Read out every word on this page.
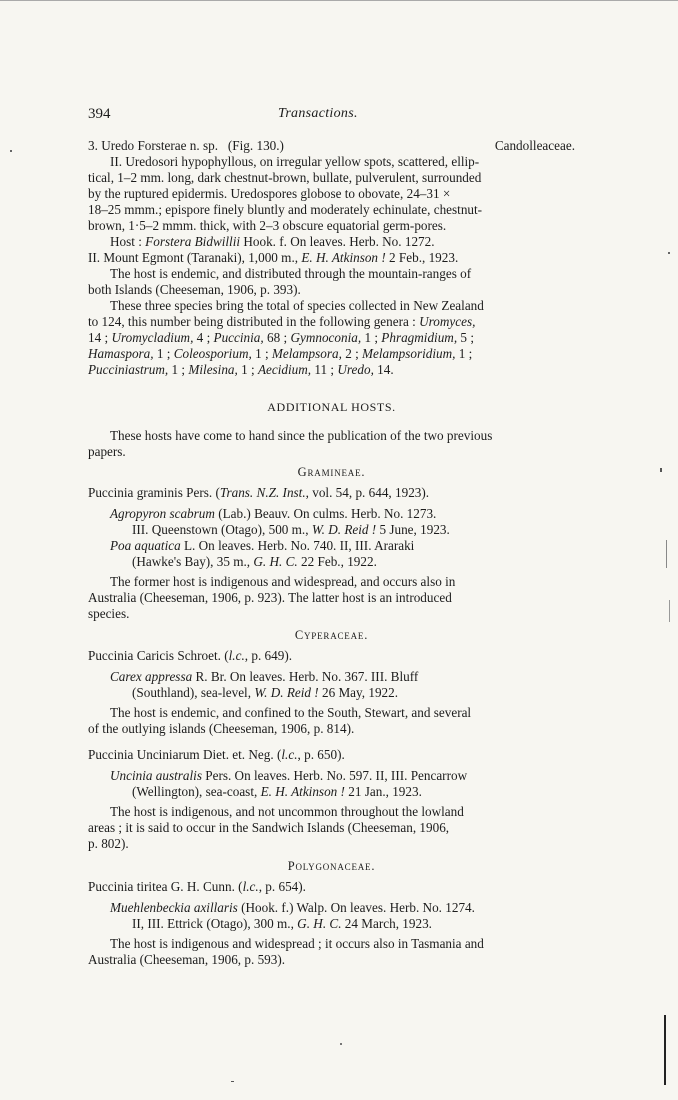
394	Transactions.
3. Uredo Forsterae n. sp. (Fig. 130.)	Candolleaceae.

II. Uredosori hypophyllous, on irregular yellow spots, scattered, ellip-

tical, 1–2 mm. long, dark chestnut-brown, bullate, pulverulent, surrounded

by the ruptured epidermis. Uredospores globose to obovate, 24–31 ×

18–25 mmm.; epispore finely bluntly and moderately echinulate, chestnut-

brown, 1·5–2 mmm. thick, with 2–3 obscure equatorial germ-pores.

Host : Forstera Bidwillii Hook. f. On leaves. Herb. No. 1272.

II. Mount Egmont (Taranaki), 1,000 m., E. H. Atkinson ! 2 Feb., 1923.

The host is endemic, and distributed through the mountain-ranges of

both Islands (Cheeseman, 1906, p. 393).

These three species bring the total of species collected in New Zealand

to 124, this number being distributed in the following genera : Uromyces,

14 ; Uromycladium, 4 ; Puccinia, 68 ; Gymnoconia, 1 ; Phragmidium, 5 ;

Hamaspora, 1 ; Coleosporium, 1 ; Melampsora, 2 ; Melampsoridium, 1 ;

Pucciniastrum, 1 ; Milesina, 1 ; Aecidium, 11 ; Uredo, 14.

ADDITIONAL HOSTS.

These hosts have come to hand since the publication of the two previous

papers.

Gramineae.

Puccinia graminis Pers. (Trans. N.Z. Inst., vol. 54, p. 644, 1923).

Agropyron scabrum (Lab.) Beauv. On culms. Herb. No. 1273.

III. Queenstown (Otago), 500 m., W. D. Reid ! 5 June, 1923.

Poa aquatica L. On leaves. Herb. No. 740. II, III. Araraki

(Hawke's Bay), 35 m., G. H. C. 22 Feb., 1922.

The former host is indigenous and widespread, and occurs also in

Australia (Cheeseman, 1906, p. 923). The latter host is an introduced

species.

Cyperaceae.

Puccinia Caricis Schroet. (l.c., p. 649).

Carex appressa R. Br. On leaves. Herb. No. 367. III. Bluff

(Southland), sea-level, W. D. Reid ! 26 May, 1922.

The host is endemic, and confined to the South, Stewart, and several

of the outlying islands (Cheeseman, 1906, p. 814).

Puccinia Unciniarum Diet. et. Neg. (l.c., p. 650).

Uncinia australis Pers. On leaves. Herb. No. 597. II, III. Pencarrow

(Wellington), sea-coast, E. H. Atkinson ! 21 Jan., 1923.

The host is indigenous, and not uncommon throughout the lowland

areas ; it is said to occur in the Sandwich Islands (Cheeseman, 1906,

p. 802).

Polygonaceae.

Puccinia tiritea G. H. Cunn. (l.c., p. 654).

Muehlenbeckia axillaris (Hook. f.) Walp. On leaves. Herb. No. 1274.

II, III. Ettrick (Otago), 300 m., G. H. C. 24 March, 1923.

The host is indigenous and widespread ; it occurs also in Tasmania and

Australia (Cheeseman, 1906, p. 593).
